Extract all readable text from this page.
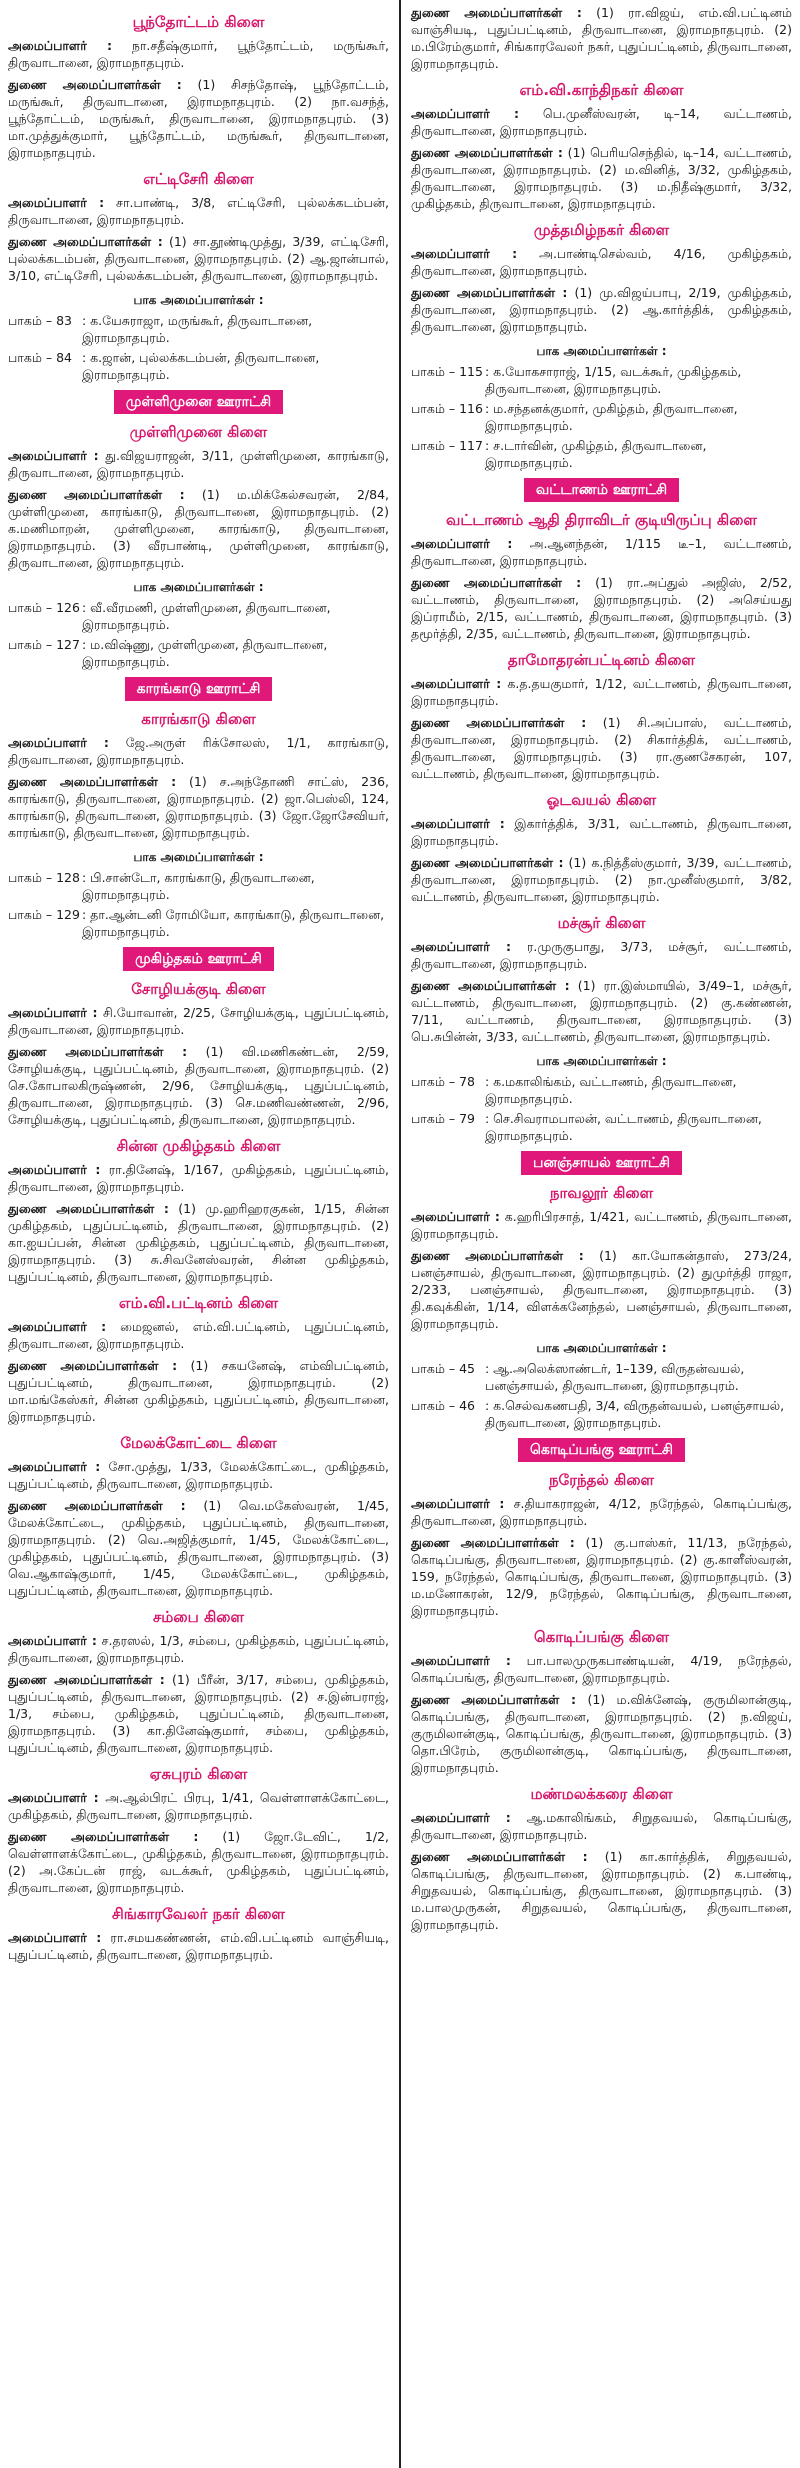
பூந்தோட்டம் கிளை
அமைப்பாளர் : நா.சதீஷ்குமார், பூந்தோட்டம், மருங்கூர், திருவாடானை, இராமநாதபுரம்.
துணை அமைப்பாளர்கள் : (1) சிசந்தோஷ், பூந்தோட்டம், மருங்கூர், திருவாடானை, இராமநாதபுரம். (2) நா.வசந்த், பூந்தோட்டம், மருங்கூர், திருவாடானை, இராமநாதபுரம். (3) மா.முத்துக்குமார், பூந்தோட்டம், மருங்கூர், திருவாடானை, இராமநாதபுரம்.
எட்டிசேரி கிளை
அமைப்பாளர் : சா.பாண்டி, 3/8, எட்டிசேரி, புல்லக்கடம்பன், திருவாடானை, இராமநாதபுரம்.
துணை அமைப்பாளர்கள் : (1) சா.தூண்டிமுத்து, 3/39, எட்டிசேரி, புல்லக்கடம்பன், திருவாடானை, இராமநாதபுரம். (2) ஆ.ஜான்பால், 3/10, எட்டிசேரி, புல்லக்கடம்பன், திருவாடானை, இராமநாதபுரம்.
பாக அமைப்பாளர்கள் :
பாகம் – 83 : க.யேசுராஜா, மருங்கூர், திருவாடானை, இராமநாதபுரம்.
பாகம் – 84 : க.ஜான், புல்லக்கடம்பன், திருவாடானை, இராமநாதபுரம்.
முள்ளிமுனை ஊராட்சி
முள்ளிமுனை கிளை
அமைப்பாளர் : து.விஜயராஜன், 3/11, முள்ளிமுனை, காரங்காடு, திருவாடானை, இராமநாதபுரம்.
துணை அமைப்பாளர்கள் : (1) ம.மிக்கேல்சவரன், 2/84, முள்ளிமுனை, காரங்காடு, திருவாடானை, இராமநாதபுரம். (2) க.மணிமாறன், முள்ளிமுனை, காரங்காடு, திருவாடானை, இராமநாதபுரம். (3) வீரபாண்டி, முள்ளிமுனை, காரங்காடு, திருவாடானை, இராமநாதபுரம்.
பாக அமைப்பாளர்கள் :
பாகம் – 126 : வீ.வீரமணி, முள்ளிமுனை, திருவாடானை, இராமநாதபுரம்.
பாகம் – 127 : ம.விஷ்ணு, முள்ளிமுனை, திருவாடானை, இராமநாதபுரம்.
காரங்காடு ஊராட்சி
காரங்காடு கிளை
அமைப்பாளர் : ஜே.அருள் ரிக்சோலஸ், 1/1, காரங்காடு, திருவாடானை, இராமநாதபுரம்.
துணை அமைப்பாளர்கள் : (1) ச.அந்தோணி சாட்ஸ், 236, காரங்காடு, திருவாடானை, இராமநாதபுரம். (2) ஜா.பெஸ்லி, 124, காரங்காடு, திருவாடானை, இராமநாதபுரம். (3) ஜோ.ஜோசேவியர், காரங்காடு, திருவாடானை, இராமநாதபுரம்.
பாக அமைப்பாளர்கள் :
பாகம் – 128 : பி.சான்டோ, காரங்காடு, திருவாடானை, இராமநாதபுரம்.
பாகம் – 129 : தா.ஆன்டனி ரோமியோ, காரங்காடு, திருவாடானை, இராமநாதபுரம்.
முகிழ்தகம் ஊராட்சி
சோழியக்குடி கிளை
அமைப்பாளர் : சி.யோவான், 2/25, சோழியக்குடி, புதுப்பட்டினம், திருவாடானை, இராமநாதபுரம்.
துணை அமைப்பாளர்கள் : (1) வி.மணிகண்டன், 2/59, சோழியக்குடி, புதுப்பட்டினம், திருவாடானை, இராமநாதபுரம். (2) செ.கோபாலகிருஷ்ணன், 2/96, சோழியக்குடி, புதுப்பட்டினம், திருவாடானை, இராமநாதபுரம். (3) செ.மணிவண்ணன், 2/96, சோழியக்குடி, புதுப்பட்டினம், திருவாடானை, இராமநாதபுரம்.
சின்ன முகிழ்தகம் கிளை
அமைப்பாளர் : ரா.தினேஷ், 1/167, முகிழ்தகம், புதுப்பட்டினம், திருவாடானை, இராமநாதபுரம்.
துணை அமைப்பாளர்கள் : (1) மு.ஹரிஹரகுகன், 1/15, சின்ன முகிழ்தகம், புதுப்பட்டினம், திருவாடானை, இராமநாதபுரம். (2) கா.ஐயப்பன், சின்ன முகிழ்தகம், புதுப்பட்டினம், திருவாடானை, இராமநாதபுரம். (3) சு.சிவனேஸ்வரன், சின்ன முகிழ்தகம், புதுப்பட்டினம், திருவாடானை, இராமநாதபுரம்.
எம்.வி.பட்டினம் கிளை
அமைப்பாளர் : மைஜனல், எம்.வி.பட்டினம், புதுப்பட்டினம், திருவாடானை, இராமநாதபுரம்.
துணை அமைப்பாளர்கள் : (1) சகயனேஷ், எம்விபட்டினம், புதுப்பட்டினம், திருவாடானை, இராமநாதபுரம். (2) மா.மங்கேஸ்கர், சின்ன முகிழ்தகம், புதுப்பட்டினம், திருவாடானை, இராமநாதபுரம்.
மேலக்கோட்டை கிளை
அமைப்பாளர் : சோ.முத்து, 1/33, மேலக்கோட்டை, முகிழ்தகம், புதுப்பட்டினம், திருவாடானை, இராமநாதபுரம்.
துணை அமைப்பாளர்கள் : (1) வெ.மகேஸ்வரன், 1/45, மேலக்கோட்டை, முகிழ்தகம், புதுப்பட்டினம், திருவாடானை, இராமநாதபுரம். (2) வெ.அஜித்குமார், 1/45, மேலக்கோட்டை, முகிழ்தகம், புதுப்பட்டினம், திருவாடானை, இராமநாதபுரம். (3) வெ.ஆகாஷ்குமார், 1/45, மேலக்கோட்டை, முகிழ்தகம், புதுப்பட்டினம், திருவாடானை, இராமநாதபுரம்.
சம்பை கிளை
அமைப்பாளர் : ச.தரஸல், 1/3, சம்பை, முகிழ்தகம், புதுப்பட்டினம், திருவாடானை, இராமநாதபுரம்.
துணை அமைப்பாளர்கள் : (1) பீரீன், 3/17, சம்பை, முகிழ்தகம், புதுப்பட்டினம், திருவாடானை, இராமநாதபுரம். (2) ச.இன்பராஜ், 1/3, சம்பை, முகிழ்தகம், புதுப்பட்டினம், திருவாடானை, இராமநாதபுரம். (3) கா.தினேஷ்குமார், சம்பை, முகிழ்தகம், புதுப்பட்டினம், திருவாடானை, இராமநாதபுரம்.
ஏசுபுரம் கிளை
அமைப்பாளர் : அ.ஆல்பிரட் பிரபு, 1/41, வெள்ளாளக்கோட்டை, முகிழ்தகம், திருவாடானை, இராமநாதபுரம்.
துணை அமைப்பாளர்கள் : (1) ஜோ.டேவிட், 1/2, வெள்ளாளக்கோட்டை, முகிழ்தகம், திருவாடானை, இராமநாதபுரம். (2) அ.கேப்டன் ராஜ், வடக்கூர், முகிழ்தகம், புதுப்பட்டினம், திருவாடானை, இராமநாதபுரம்.
சிங்காரவேலர் நகர் கிளை
அமைப்பாளர் : ரா.சமயகண்ணன், எம்.வி.பட்டினம் வாஞ்சியடி, புதுப்பட்டினம், திருவாடானை, இராமநாதபுரம்.
துணை அமைப்பாளர்கள் : (1) ரா.விஜய், எம்.வி.பட்டினம் வாஞ்சியடி, புதுப்பட்டினம், திருவாடானை, இராமநாதபுரம். (2) ம.பிரேம்குமார், சிங்காரவேலர் நகர், புதுப்பட்டினம், திருவாடானை, இராமநாதபுரம்.
எம்.வி.காந்திநகர் கிளை
அமைப்பாளர் : பெ.முனீஸ்வரன், டி–14, வட்டாணம், திருவாடானை, இராமநாதபுரம்.
துணை அமைப்பாளர்கள் : (1) பெரியசெந்தில், டி–14, வட்டாணம், திருவாடானை, இராமநாதபுரம். (2) ம.வினித், 3/32, முகிழ்தகம், திருவாடானை, இராமநாதபுரம். (3) ம.நிதீஷ்குமார், 3/32, முகிழ்தகம், திருவாடானை, இராமநாதபுரம்.
முத்தமிழ்நகர் கிளை
அமைப்பாளர் : அ.பாண்டிசெல்வம், 4/16, முகிழ்தகம், திருவாடானை, இராமநாதபுரம்.
துணை அமைப்பாளர்கள் : (1) மு.விஜய்பாபு, 2/19, முகிழ்தகம், திருவாடானை, இராமநாதபுரம். (2) ஆ.கார்த்திக், முகிழ்தகம், திருவாடானை, இராமநாதபுரம்.
பாக அமைப்பாளர்கள் :
பாகம் – 115 : க.யோகசாராஜ், 1/15, வடக்கூர், முகிழ்தகம், திருவாடானை, இராமநாதபுரம்.
பாகம் – 116 : ம.சந்தனக்குமார், முகிழ்தம், திருவாடானை, இராமநாதபுரம்.
பாகம் – 117 : ச.டார்வின், முகிழ்தம், திருவாடானை, இராமநாதபுரம்.
வட்டாணம் ஊராட்சி
வட்டாணம் ஆதி திராவிடர் குடியிருப்பு கிளை
அமைப்பாளர் : அ.ஆனந்தன், 1/115 டீ–1, வட்டாணம், திருவாடானை, இராமநாதபுரம்.
துணை அமைப்பாளர்கள் : (1) ரா.அப்துல் அஜிஸ், 2/52, வட்டாணம், திருவாடானை, இராமநாதபுரம். (2) அசெய்யது இப்ராமீம், 2/15, வட்டாணம், திருவாடானை, இராமநாதபுரம். (3) தமூர்த்தி, 2/35, வட்டாணம், திருவாடானை, இராமநாதபுரம்.
தாமோதரன்பட்டினம் கிளை
அமைப்பாளர் : க.த.தயகுமார், 1/12, வட்டாணம், திருவாடானை, இராமநாதபுரம்.
துணை அமைப்பாளர்கள் : (1) சி.அப்பாஸ், வட்டாணம், திருவாடானை, இராமநாதபுரம். (2) சிகார்த்திக், வட்டாணம், திருவாடானை, இராமநாதபுரம். (3) ரா.குணசேகரன், 107, வட்டாணம், திருவாடானை, இராமநாதபுரம்.
ஓடவயல் கிளை
அமைப்பாளர் : இகார்த்திக், 3/31, வட்டாணம், திருவாடானை, இராமநாதபுரம்.
துணை அமைப்பாளர்கள் : (1) க.நித்தீஸ்குமார், 3/39, வட்டாணம், திருவாடானை, இராமநாதபுரம். (2) நா.முனீஸ்குமார், 3/82, வட்டாணம், திருவாடானை, இராமநாதபுரம்.
மச்சூர் கிளை
அமைப்பாளர் : ர.முருகுபாது, 3/73, மச்சூர், வட்டாணம், திருவாடானை, இராமநாதபுரம்.
துணை அமைப்பாளர்கள் : (1) ரா.இஸ்மாயில், 3/49–1, மச்சூர், வட்டாணம், திருவாடானை, இராமநாதபுரம். (2) கு.கண்ணன், 7/11, வட்டாணம், திருவாடானை, இராமநாதபுரம். (3) பெ.சுபின்ன், 3/33, வட்டாணம், திருவாடானை, இராமநாதபுரம்.
பாக அமைப்பாளர்கள் :
பாகம் – 78 : க.மகாலிங்கம், வட்டாணம், திருவாடானை, இராமநாதபுரம்.
பாகம் – 79 : செ.சிவராமபாலன், வட்டாணம், திருவாடானை, இராமநாதபுரம்.
பனஞ்சாயல் ஊராட்சி
நாவலூர் கிளை
அமைப்பாளர் : க.ஹரிபிரசாத், 1/421, வட்டாணம், திருவாடானை, இராமநாதபுரம்.
துணை அமைப்பாளர்கள் : (1) கா.யோகன்தாஸ், 273/24, பனஞ்சாயல், திருவாடானை, இராமநாதபுரம். (2) துமுர்த்தி ராஜா, 2/233, பனஞ்சாயல், திருவாடானை, இராமநாதபுரம். (3) தி.கவுக்கின், 1/14, விளக்கனேந்தல், பனஞ்சாயல், திருவாடானை, இராமநாதபுரம்.
பாக அமைப்பாளர்கள் :
பாகம் – 45 : ஆ.அலெக்ஸாண்டர், 1–139, விருதன்வயல், பனஞ்சாயல், திருவாடானை, இராமநாதபுரம்.
பாகம் – 46 : க.செல்வகணபதி, 3/4, விருதன்வயல், பனஞ்சாயல், திருவாடானை, இராமநாதபுரம்.
கொடிப்பங்கு ஊராட்சி
நரேந்தல் கிளை
அமைப்பாளர் : ச.தியாகராஜன், 4/12, நரேந்தல், கொடிப்பங்கு, திருவாடானை, இராமநாதபுரம்.
துணை அமைப்பாளர்கள் : (1) கு.பாஸ்கர், 11/13, நரேந்தல், கொடிப்பங்கு, திருவாடானை, இராமநாதபுரம். (2) கு.காளீஸ்வரன், 159, நரேந்தல், கொடிப்பங்கு, திருவாடானை, இராமநாதபுரம். (3) ம.மனோகரன், 12/9, நரேந்தல், கொடிப்பங்கு, திருவாடானை, இராமநாதபுரம்.
கொடிப்பங்கு கிளை
அமைப்பாளர் : பா.பாலமுருகபாண்டியன், 4/19, நரேந்தல், கொடிப்பங்கு, திருவாடானை, இராமநாதபுரம்.
துணை அமைப்பாளர்கள் : (1) ம.விக்னேஷ், குருமிலான்குடி, கொடிப்பங்கு, திருவாடானை, இராமநாதபுரம். (2) ந.விஜய், குருமிலான்குடி, கொடிப்பங்கு, திருவாடானை, இராமநாதபுரம். (3) தொ.பிரேம், குருமிலான்குடி, கொடிப்பங்கு, திருவாடானை, இராமநாதபுரம்.
மண்மலக்கரை கிளை
அமைப்பாளர் : ஆ.மகாலிங்கம், சிறுதவயல், கொடிப்பங்கு, திருவாடானை, இராமநாதபுரம்.
துணை அமைப்பாளர்கள் : (1) கா.கார்த்திக், சிறுதவயல், கொடிப்பங்கு, திருவாடானை, இராமநாதபுரம். (2) க.பாண்டி, சிறுதவயல், கொடிப்பங்கு, திருவாடானை, இராமநாதபுரம். (3) ம.பாலமுருகன், சிறுதவயல், கொடிப்பங்கு, திருவாடானை, இராமநாதபுரம்.
